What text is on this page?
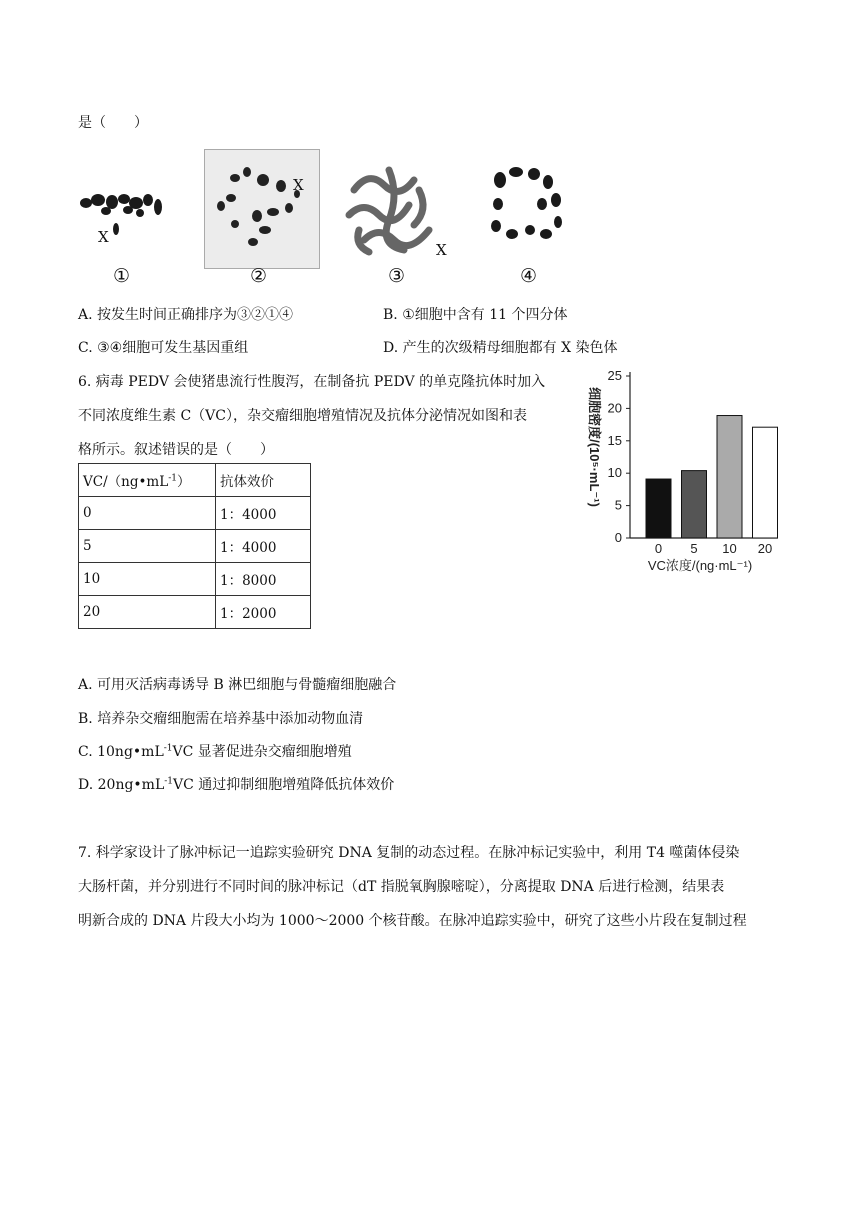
是（　　）
X
X
X
①	②	③	④
A. 按发生时间正确排序为③②①④	B. ①细胞中含有 11 个四分体
C. ③④细胞可发生基因重组	D. 产生的次级精母细胞都有 X 染色体
6. 病毒 PEDV 会使猪患流行性腹泻，在制备抗 PEDV 的单克隆抗体时加入
不同浓度维生素 C（VC），杂交瘤细胞增殖情况及抗体分泌情况如图和表
格所示。叙述错误的是（　　）
$VC/(ng•mL^{-1})$	抗体效价
0	1：4000
5	1：4000
10	1：8000
20	1：2000
0
5
10
15
20
25
0 5 10 20
VC浓度/(ng·mL⁻¹)
细胞密度/(10⁵·mL⁻¹)
A. 可用灭活病毒诱导 B 淋巴细胞与骨髓瘤细胞融合
B. 培养杂交瘤细胞需在培养基中添加动物血清
C. $10ng•mL^{-1}VC$ 显著促进杂交瘤细胞增殖
D. $20ng•mL^{-1}VC$ 通过抑制细胞增殖降低抗体效价
7. 科学家设计了脉冲标记一追踪实验研究 DNA 复制的动态过程。在脉冲标记实验中，利用 T4 噬菌体侵染
大肠杆菌，并分别进行不同时间的脉冲标记（dT 指脱氧胸腺嘧啶），分离提取 DNA 后进行检测，结果表
明新合成的 DNA 片段大小均为 1000～2000 个核苷酸。在脉冲追踪实验中，研究了这些小片段在复制过程
